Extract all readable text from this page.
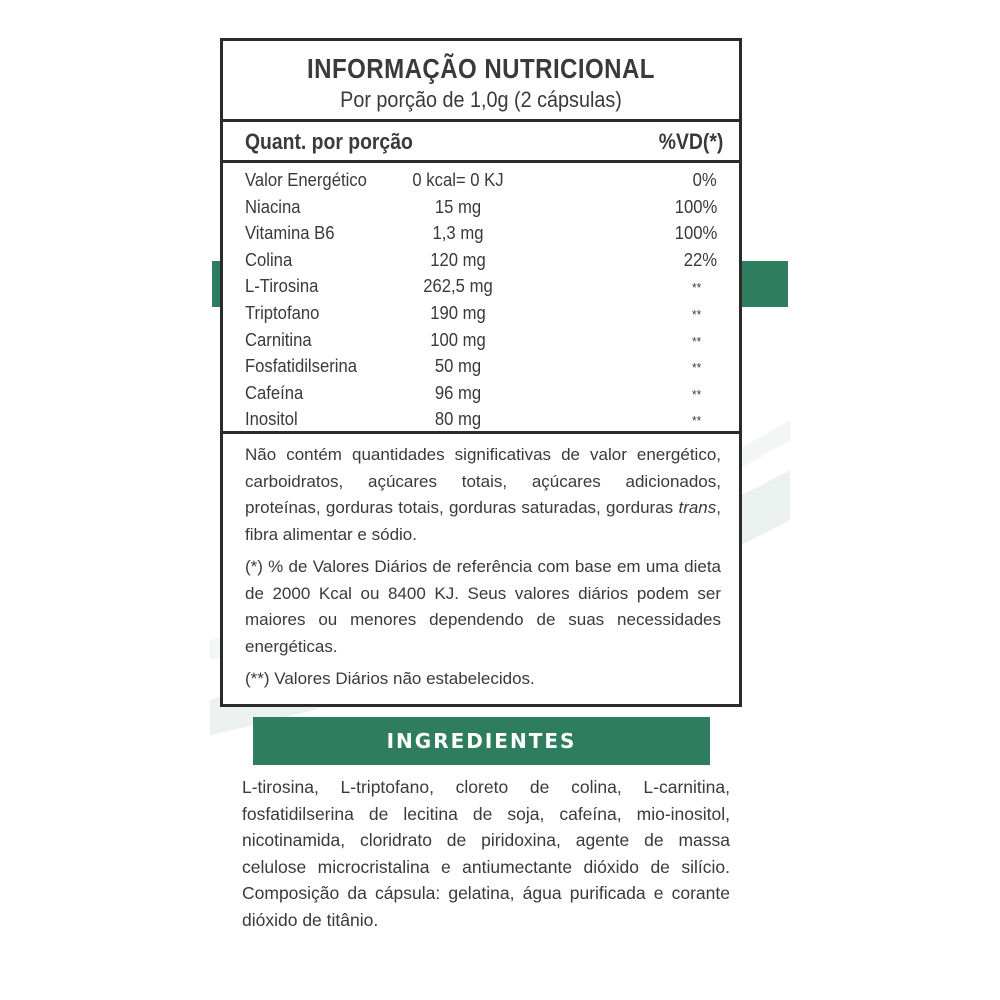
INFORMAÇÃO NUTRICIONAL
Por porção de 1,0g (2 cápsulas)
Quant. por porção	%VD(*)
Valor Energético	0 kcal= 0 KJ	0%
Niacina	15 mg	100%
Vitamina B6	1,3 mg	100%
Colina	120 mg	22%
L-Tirosina	262,5 mg	**
Triptofano	190 mg	**
Carnitina	100 mg	**
Fosfatidilserina	50 mg	**
Cafeína	96 mg	**
Inositol	80 mg	**

Não contém quantidades significativas de valor energético, carboidratos, açúcares totais, açúcares adicionados, proteínas, gorduras totais, gorduras saturadas, gorduras trans, fibra alimentar e sódio.

(*) % de Valores Diários de referência com base em uma dieta de 2000 Kcal ou 8400 KJ. Seus valores diários podem ser maiores ou menores dependendo de suas necessidades energéticas.

(**) Valores Diários não estabelecidos.

INGREDIENTES
L-tirosina, L-triptofano, cloreto de colina, L-carnitina, fosfatidilserina de lecitina de soja, cafeína, mio-inositol, nicotinamida, cloridrato de piridoxina, agente de massa celulose microcristalina e antiumectante dióxido de silício. Composição da cápsula: gelatina, água purificada e corante dióxido de titânio.
